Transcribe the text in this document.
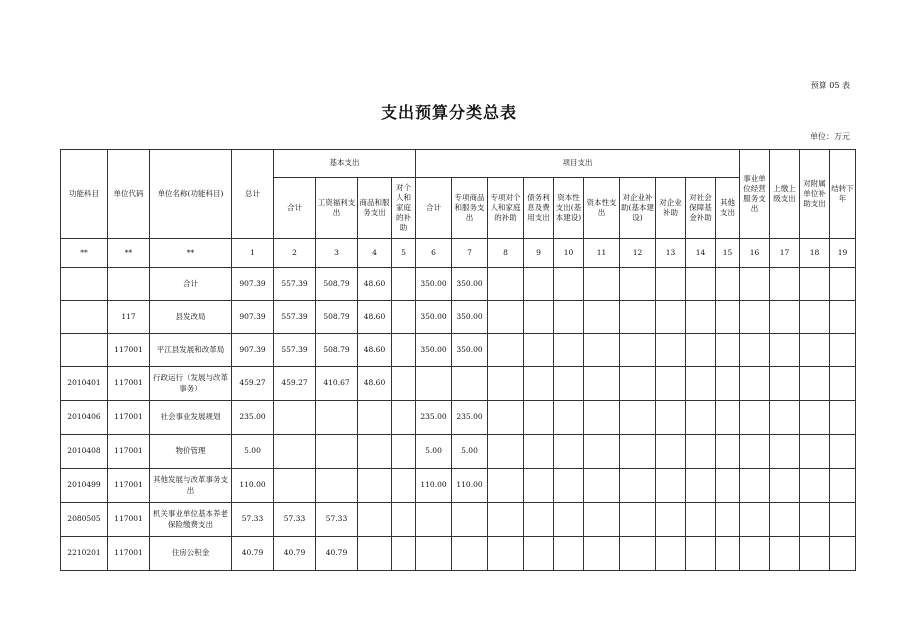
预算 05 表
支出预算分类总表
单位：万元
功能科目	单位代码	单位名称(功能科目)	总计	基本支出				项目支出										事业单位经营服务支出	上缴上级支出	对附属单位补助支出	结转下年
				合计	工资福利支出	商品和服务支出	对个人和家庭的补助	合计	专项商品和服务支出	专项对个人和家庭的补助	债务利息及费用支出	资本性支出(基本建设)	资本性支出	对企业补助(基本建设)	对企业补助	对社会保障基金补助	其他支出				
**	**	**	1	2	3	4	5	6	7	8	9	10	11	12	13	14	15	16	17	18	19
		合计	907.39	557.39	508.79	48.60		350.00	350.00												
	117	县发改局	907.39	557.39	508.79	48.60		350.00	350.00												
	117001	平江县发展和改革局	907.39	557.39	508.79	48.60		350.00	350.00												
2010401	117001	行政运行（发展与改革事务）	459.27	459.27	410.67	48.60															
2010406	117001	社会事业发展规划	235.00					235.00	235.00												
2010408	117001	物价管理	5.00					5.00	5.00												
2010499	117001	其他发展与改革事务支出	110.00					110.00	110.00												
2080505	117001	机关事业单位基本养老保险缴费支出	57.33	57.33	57.33																
2210201	117001	住房公积金	40.79	40.79	40.79																
